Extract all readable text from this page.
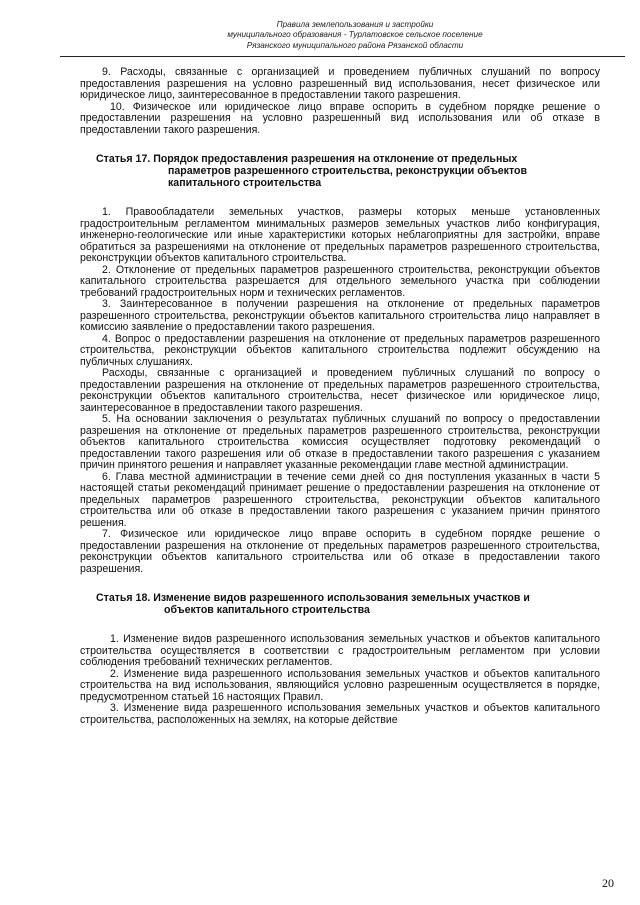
Правила землепользования и застройки
муниципального образования - Турлатовское сельское поселение
Рязанского муниципального района Рязанской области

9. Расходы, связанные с организацией и проведением публичных слушаний по вопросу предоставления разрешения на условно разрешенный вид использования, несет физическое или юридическое лицо, заинтересованное в предоставлении такого разрешения.

10. Физическое или юридическое лицо вправе оспорить в судебном порядке решение о предоставлении разрешения на условно разрешенный вид использования или об отказе в предоставлении такого разрешения.

Статья 17. Порядок предоставления разрешения на отклонение от предельных
параметров разрешенного строительства, реконструкции объектов
капитального строительства

1. Правообладатели земельных участков, размеры которых меньше установленных градостроительным регламентом минимальных размеров земельных участков либо конфигурация, инженерно-геологические или иные характеристики которых неблагоприятны для застройки, вправе обратиться за разрешениями на отклонение от предельных параметров разрешенного строительства, реконструкции объектов капитального строительства.

2. Отклонение от предельных параметров разрешенного строительства, реконструкции объектов капитального строительства разрешается для отдельного земельного участка при соблюдении требований градостроительных норм и технических регламентов.

3. Заинтересованное в получении разрешения на отклонение от предельных параметров разрешенного строительства, реконструкции объектов капитального строительства лицо направляет в комиссию заявление о предоставлении такого разрешения.

4. Вопрос о предоставлении разрешения на отклонение от предельных параметров разрешенного строительства, реконструкции объектов капитального строительства подлежит обсуждению на публичных слушаниях.

Расходы, связанные с организацией и проведением публичных слушаний по вопросу о предоставлении разрешения на отклонение от предельных параметров разрешенного строительства, реконструкции объектов капитального строительства, несет физическое или юридическое лицо, заинтересованное в предоставлении такого разрешения.

5. На основании заключения о результатах публичных слушаний по вопросу о предоставлении разрешения на отклонение от предельных параметров разрешенного строительства, реконструкции объектов капитального строительства комиссия осуществляет подготовку рекомендаций о предоставлении такого разрешения или об отказе в предоставлении такого разрешения с указанием причин принятого решения и направляет указанные рекомендации главе местной администрации.

6. Глава местной администрации в течение семи дней со дня поступления указанных в части 5 настоящей статьи рекомендаций принимает решение о предоставлении разрешения на отклонение от предельных параметров разрешенного строительства, реконструкции объектов капитального строительства или об отказе в предоставлении такого разрешения с указанием причин принятого решения.

7. Физическое или юридическое лицо вправе оспорить в судебном порядке решение о предоставлении разрешения на отклонение от предельных параметров разрешенного строительства, реконструкции объектов капитального строительства или об отказе в предоставлении такого разрешения.

Статья 18. Изменение видов разрешенного использования земельных участков и
объектов капитального строительства

1. Изменение видов разрешенного использования земельных участков и объектов капитального строительства осуществляется в соответствии с градостроительным регламентом при условии соблюдения требований технических регламентов.

2. Изменение вида разрешенного использования земельных участков и объектов капитального строительства на вид использования, являющийся условно разрешенным осуществляется в порядке, предусмотренном статьей 16 настоящих Правил.

3. Изменение вида разрешенного использования земельных участков и объектов капитального строительства, расположенных на землях, на которые действие

20
